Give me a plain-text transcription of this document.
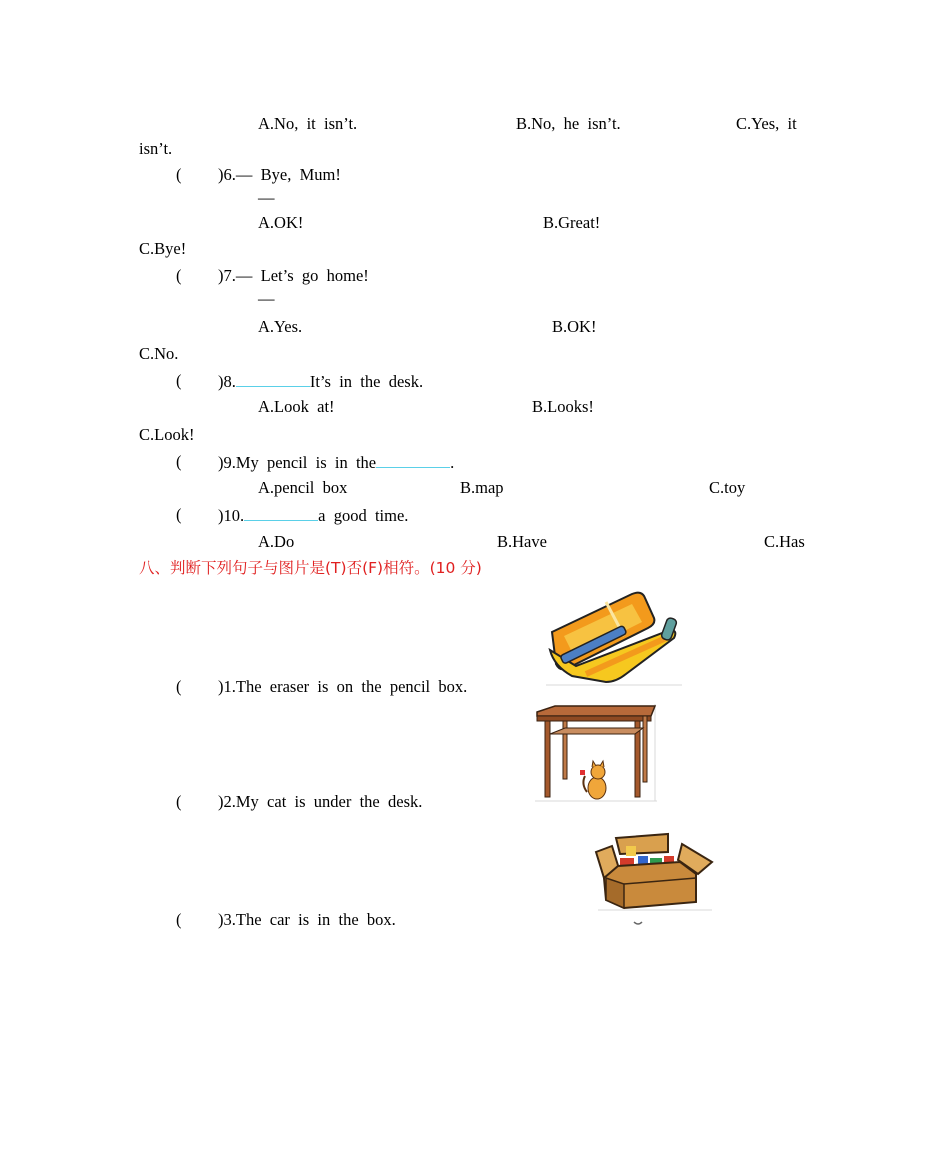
A.No,  it  isn’t.	B.No,  he  isn’t.	C.Yes,  it
isn’t.
( )6.—  Bye,  Mum!
—
A.OK!	B.Great!
C.Bye!
( )7.—  Let’s  go  home!
—
A.Yes.	B.OK!
C.No.
( )8.	It’s  in  the  desk.
A.Look  at!	B.Looks!
C.Look!
( )9.My  pencil  is  in  the	.
A.pencil  box	B.map	C.toy
( )10.	a  good  time.
A.Do	B.Have	C.Has
八、判断下列句子与图片是(T)否(F)相符。(10 分)
( )1.The  eraser  is  on  the  pencil  box.
( )2.My  cat  is  under  the  desk.
( )3.The  car  is  in  the  box.
